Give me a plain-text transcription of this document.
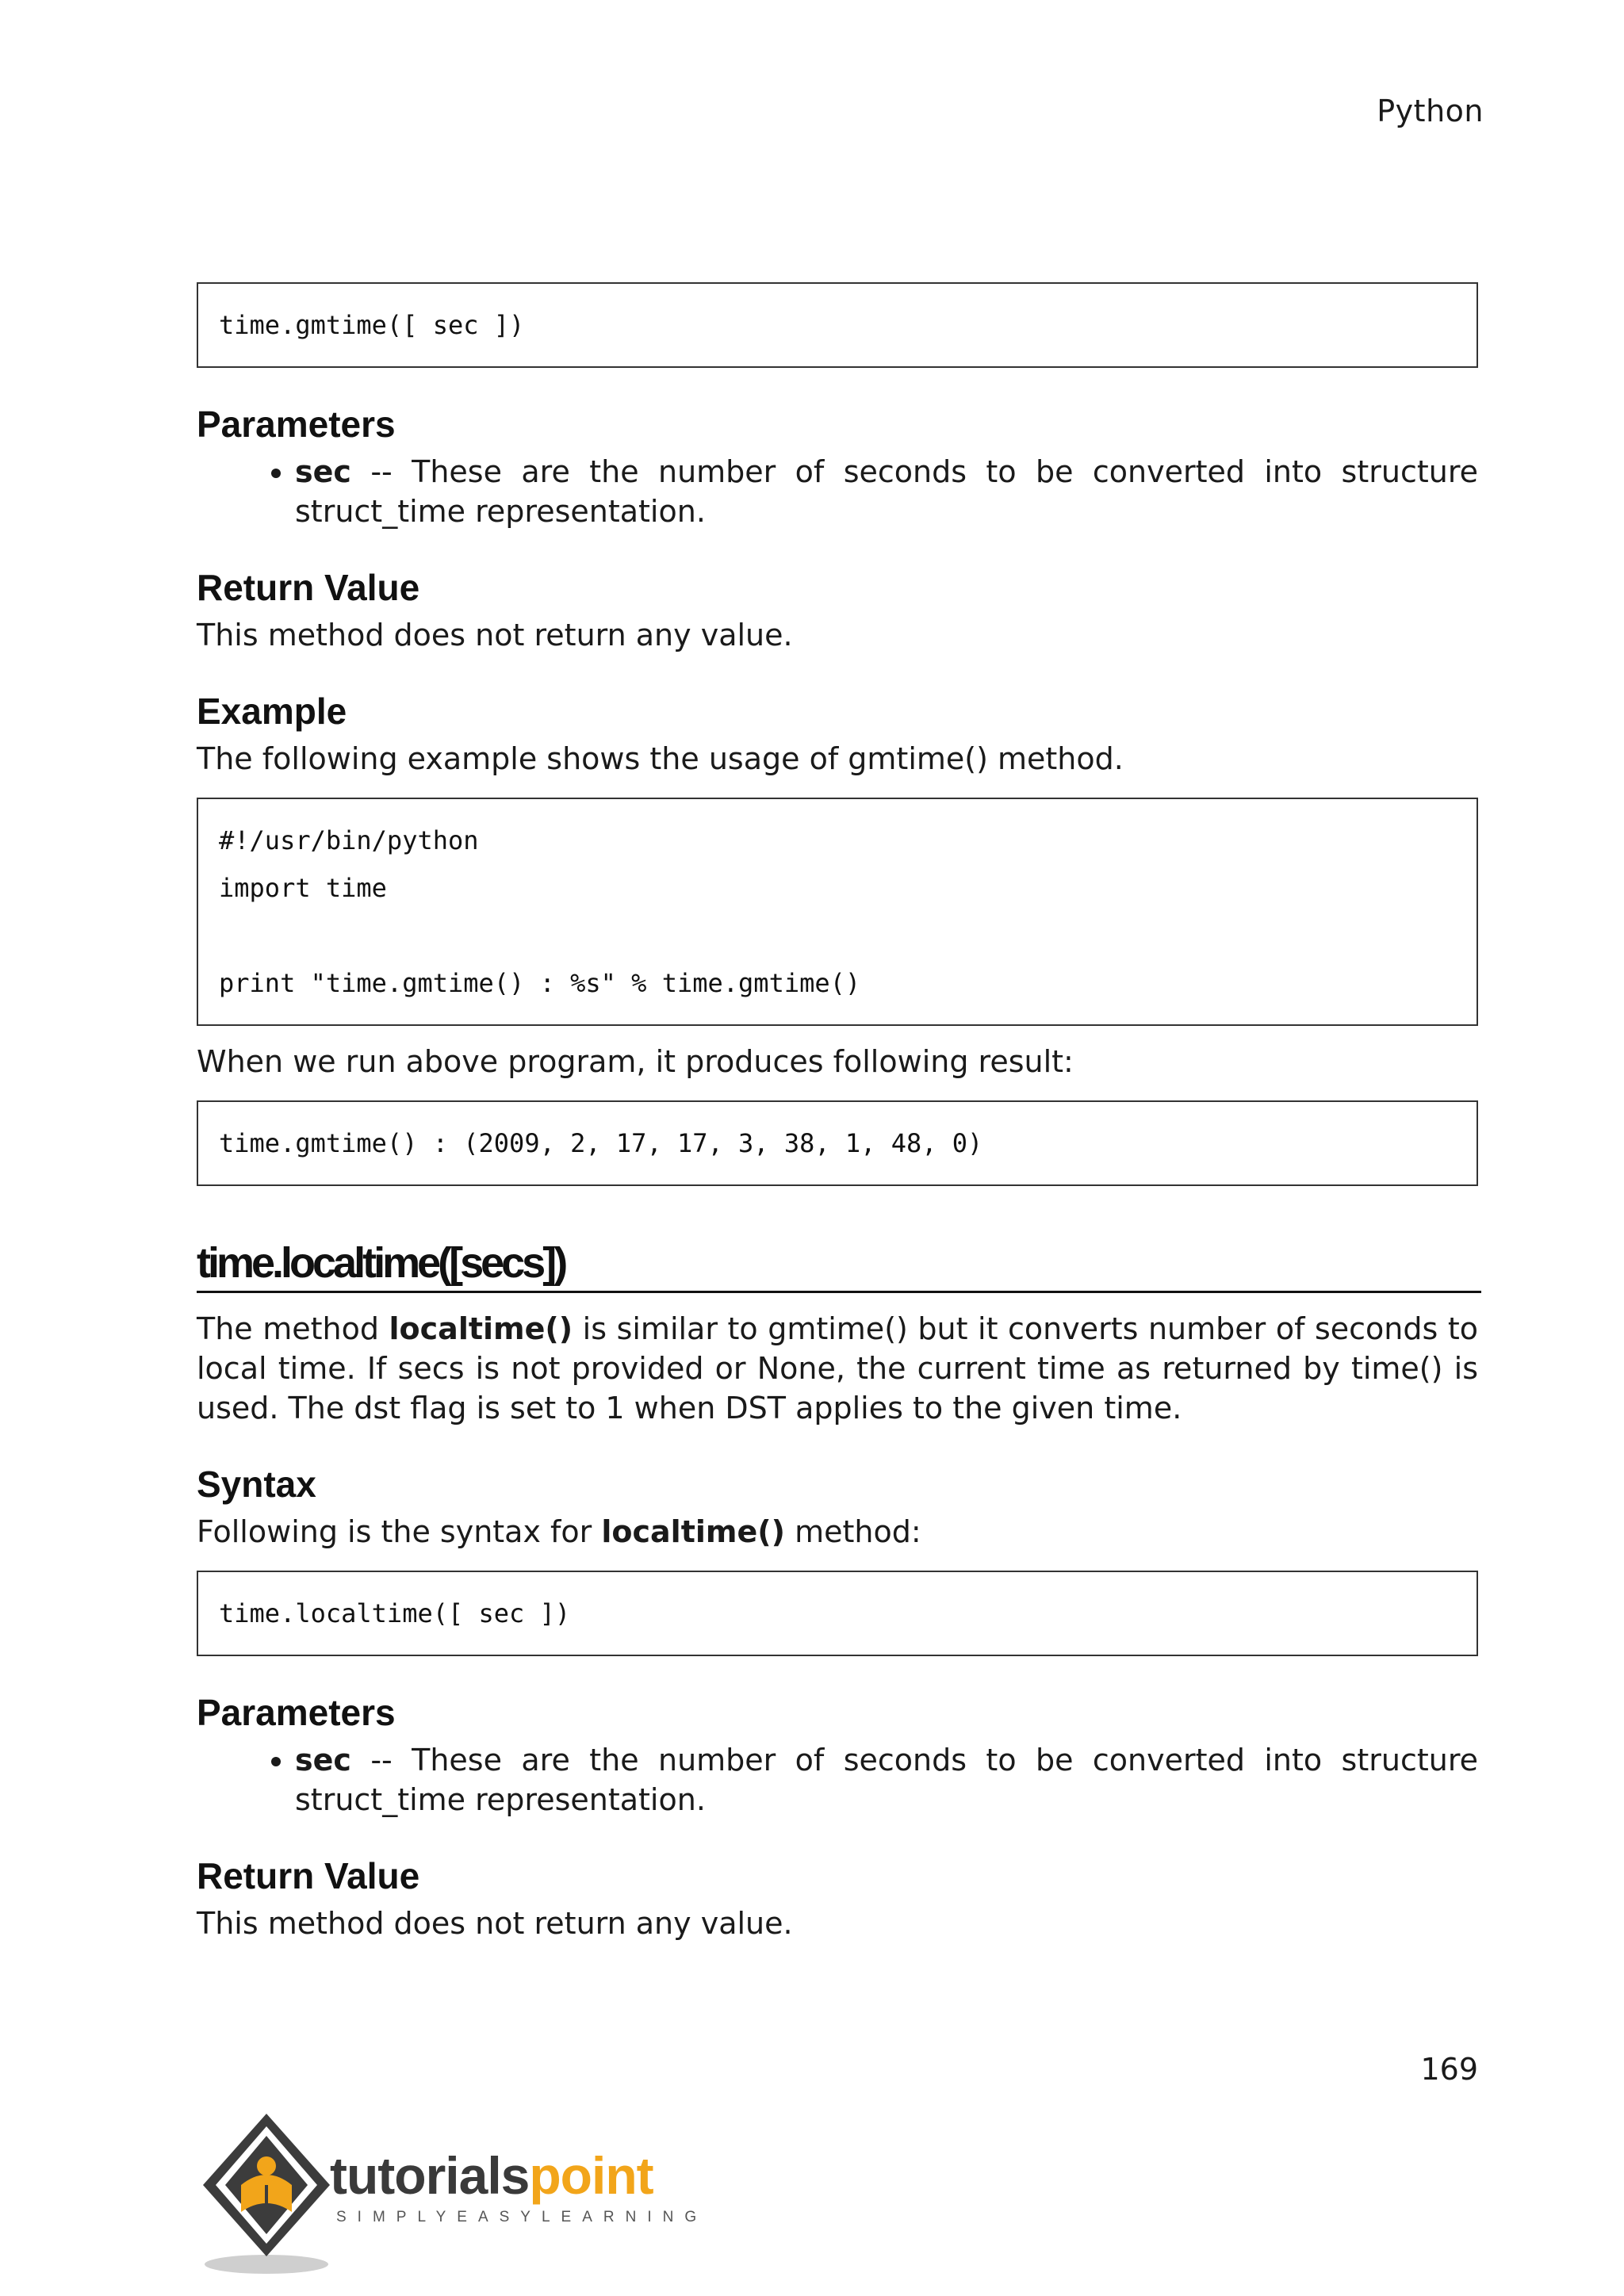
Python
time.gmtime([ sec ])
Parameters
• sec -- These are the number of seconds to be converted into structure struct_time representation.
Return Value

This method does not return any value.

Example

The following example shows the usage of gmtime() method.

#!/usr/bin/python
import time
print "time.gmtime() : %s" % time.gmtime()

When we run above program, it produces following result:

time.gmtime() : (2009, 2, 17, 17, 3, 38, 1, 48, 0)
time.localtime([secs])

The method localtime() is similar to gmtime() but it converts number of seconds to local time. If secs is not provided or None, the current time as returned by time() is used. The dst flag is set to 1 when DST applies to the given time.

Syntax

Following is the syntax for localtime() method:

time.localtime([ sec ])
Parameters
• sec -- These are the number of seconds to be converted into structure struct_time representation.
Return Value

This method does not return any value.

169
tutorialspoint
SIMPLYEASYLEARNING
